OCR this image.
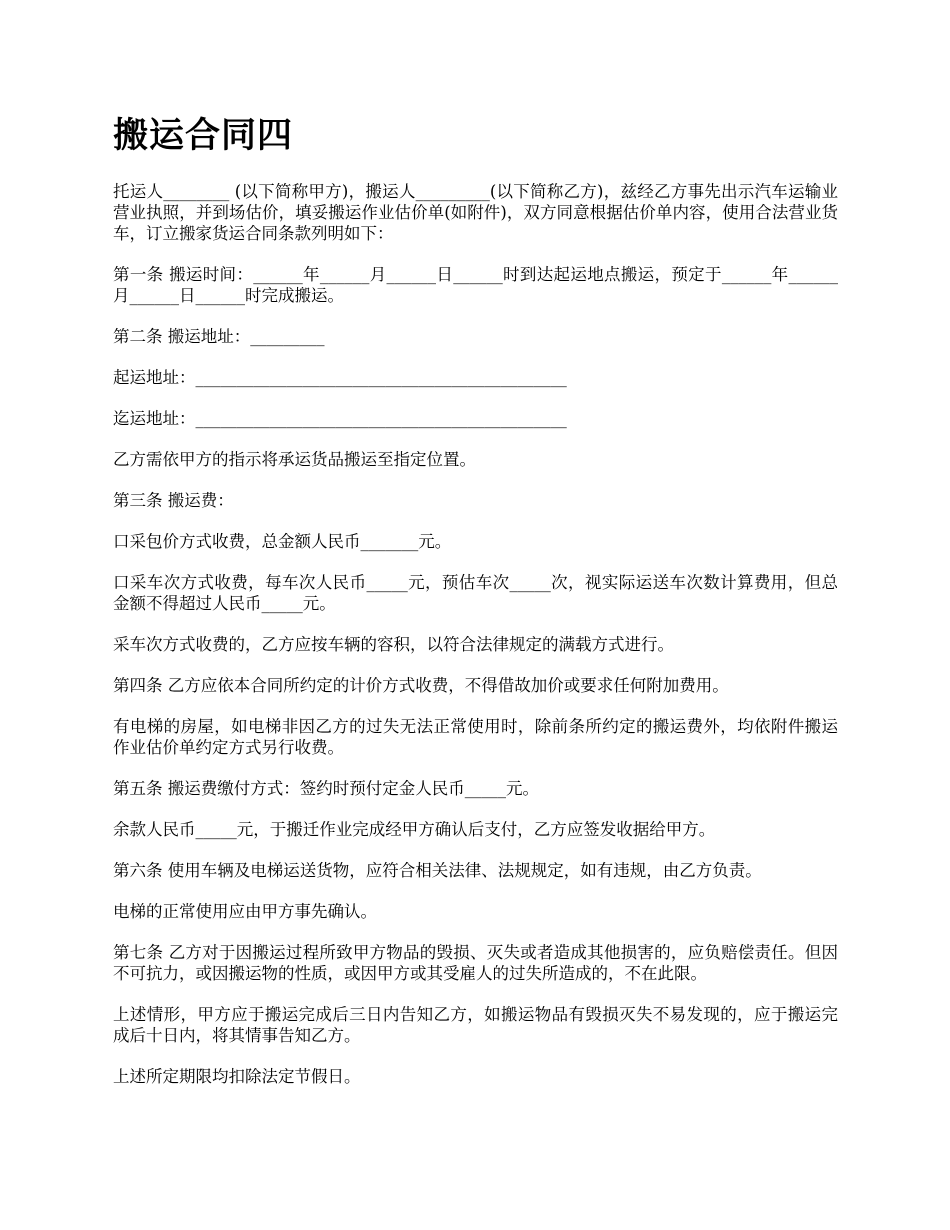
搬运合同四

托运人________ (以下简称甲方)，搬运人_________(以下简称乙方)，兹经乙方事先出示汽车运输业营业执照，并到场估价，填妥搬运作业估价单(如附件)，双方同意根据估价单内容，使用合法营业货车，订立搬家货运合同条款列明如下：

第一条 搬运时间：______年______月______日______时到达起运地点搬运，预定于______年______月______日______时完成搬运。

第二条 搬运地址：_________

起运地址：_____________________________________________

迄运地址：_____________________________________________

乙方需依甲方的指示将承运货品搬运至指定位置。

第三条 搬运费：

口采包价方式收费，总金额人民币_______元。

口采车次方式收费，每车次人民币_____元，预估车次_____次，视实际运送车次数计算费用，但总金额不得超过人民币_____元。

采车次方式收费的，乙方应按车辆的容积，以符合法律规定的满载方式进行。

第四条 乙方应依本合同所约定的计价方式收费，不得借故加价或要求任何附加费用。

有电梯的房屋，如电梯非因乙方的过失无法正常使用时，除前条所约定的搬运费外，均依附件搬运作业估价单约定方式另行收费。

第五条 搬运费缴付方式：签约时预付定金人民币_____元。

余款人民币_____元，于搬迁作业完成经甲方确认后支付，乙方应签发收据给甲方。

第六条 使用车辆及电梯运送货物，应符合相关法律、法规规定，如有违规，由乙方负责。

电梯的正常使用应由甲方事先确认。

第七条 乙方对于因搬运过程所致甲方物品的毁损、灭失或者造成其他损害的，应负赔偿责任。但因不可抗力，或因搬运物的性质，或因甲方或其受雇人的过失所造成的，不在此限。

上述情形，甲方应于搬运完成后三日内告知乙方，如搬运物品有毁损灭失不易发现的，应于搬运完成后十日内，将其情事告知乙方。

上述所定期限均扣除法定节假日。
